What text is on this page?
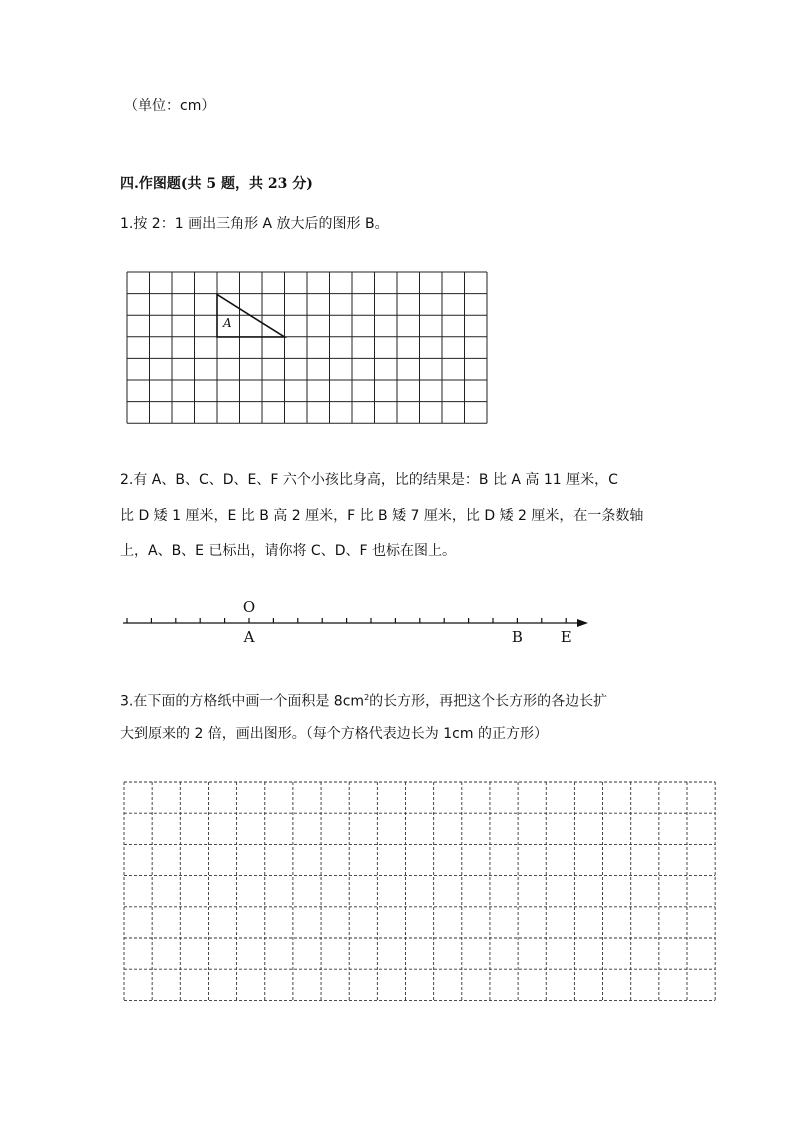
（单位：cm）
四.作图题(共 5 题，共 23 分)
1.按 2：1 画出三角形 A 放大后的图形 B。
A
2.有 A、B、C、D、E、F 六个小孩比身高，比的结果是：B 比 A 高 11 厘米，C
比 D 矮 1 厘米，E 比 B 高 2 厘米，F 比 B 矮 7 厘米，比 D 矮 2 厘米，在一条数轴
上，A、B、E 已标出，请你将 C、D、F 也标在图上。
O
A	B	E
3.在下面的方格纸中画一个面积是 $8cm^2$的长方形，再把这个长方形的各边长扩
大到原来的 2 倍，画出图形。（每个方格代表边长为 1cm 的正方形）
